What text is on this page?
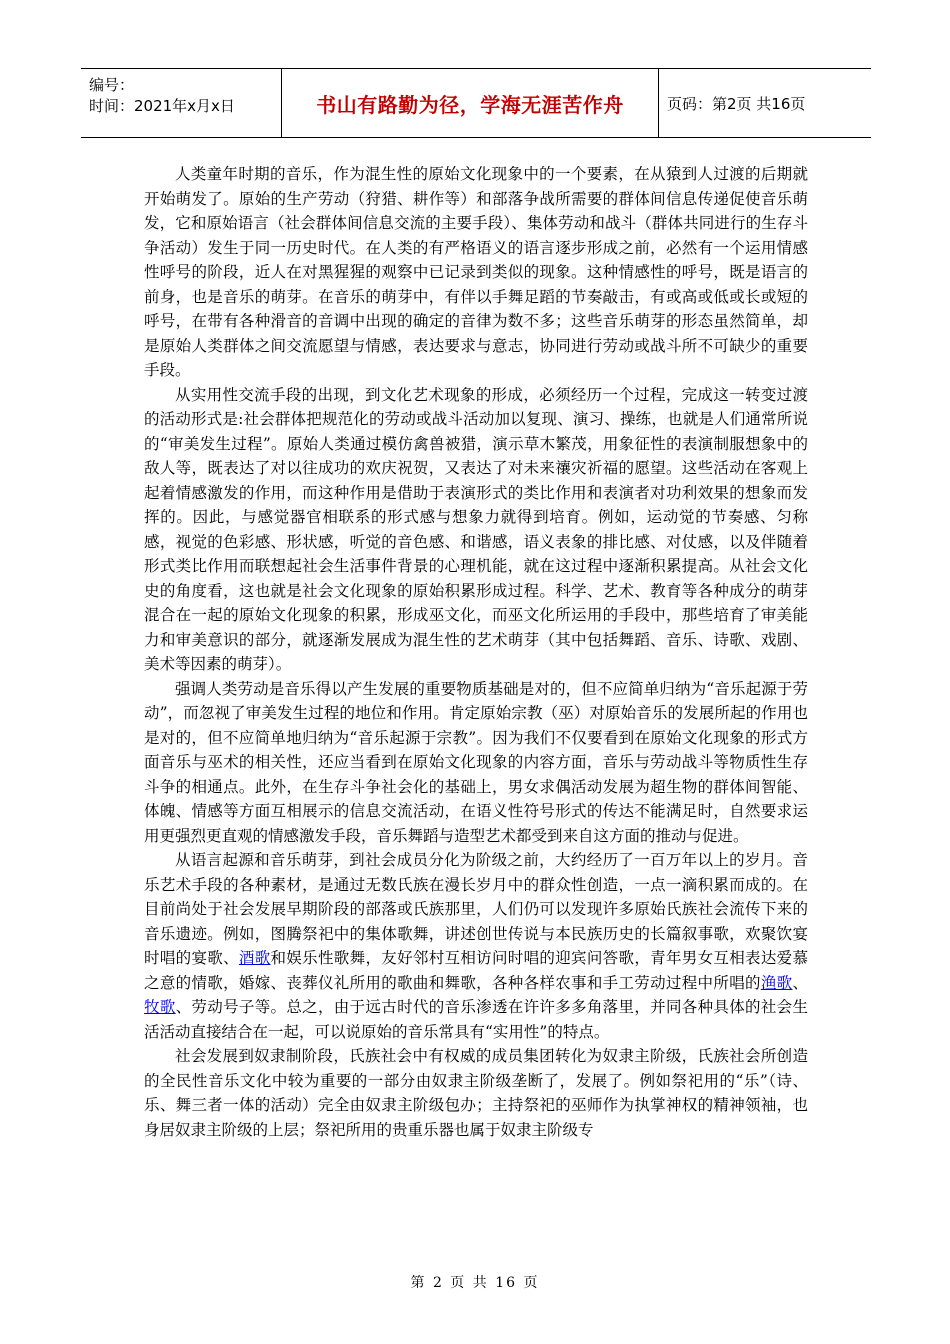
编号：
时间：2021年x月x日	书山有路勤为径，学海无涯苦作舟	页码：第2页 共16页

人类童年时期的音乐，作为混生性的原始文化现象中的一个要素，在从猿到人过渡的后期就开始萌发了。原始的生产劳动（狩猎、耕作等）和部落争战所需要的群体间信息传递促使音乐萌发，它和原始语言（社会群体间信息交流的主要手段）、集体劳动和战斗（群体共同进行的生存斗争活动）发生于同一历史时代。在人类的有严格语义的语言逐步形成之前，必然有一个运用情感性呼号的阶段，近人在对黑猩猩的观察中已记录到类似的现象。这种情感性的呼号，既是语言的前身，也是音乐的萌芽。在音乐的萌芽中，有伴以手舞足蹈的节奏敲击，有或高或低或长或短的呼号，在带有各种滑音的音调中出现的确定的音律为数不多；这些音乐萌芽的形态虽然简单，却是原始人类群体之间交流愿望与情感，表达要求与意志，协同进行劳动或战斗所不可缺少的重要手段。

从实用性交流手段的出现，到文化艺术现象的形成，必须经历一个过程，完成这一转变过渡的活动形式是:社会群体把规范化的劳动或战斗活动加以复现、演习、操练，也就是人们通常所说的“审美发生过程”。原始人类通过模仿禽兽被猎，演示草木繁茂，用象征性的表演制服想象中的敌人等，既表达了对以往成功的欢庆祝贺，又表达了对未来禳灾祈福的愿望。这些活动在客观上起着情感激发的作用，而这种作用是借助于表演形式的类比作用和表演者对功利效果的想象而发挥的。因此，与感觉器官相联系的形式感与想象力就得到培育。例如，运动觉的节奏感、匀称感，视觉的色彩感、形状感，听觉的音色感、和谐感，语义表象的排比感、对仗感，以及伴随着形式类比作用而联想起社会生活事件背景的心理机能，就在这过程中逐渐积累提高。从社会文化史的角度看，这也就是社会文化现象的原始积累形成过程。科学、艺术、教育等各种成分的萌芽混合在一起的原始文化现象的积累，形成巫文化，而巫文化所运用的手段中，那些培育了审美能力和审美意识的部分，就逐渐发展成为混生性的艺术萌芽（其中包括舞蹈、音乐、诗歌、戏剧、美术等因素的萌芽）。

强调人类劳动是音乐得以产生发展的重要物质基础是对的，但不应简单归纳为“音乐起源于劳动”，而忽视了审美发生过程的地位和作用。肯定原始宗教（巫）对原始音乐的发展所起的作用也是对的，但不应简单地归纳为“音乐起源于宗教”。因为我们不仅要看到在原始文化现象的形式方面音乐与巫术的相关性，还应当看到在原始文化现象的内容方面，音乐与劳动战斗等物质性生存斗争的相通点。此外，在生存斗争社会化的基础上，男女求偶活动发展为超生物的群体间智能、体魄、情感等方面互相展示的信息交流活动，在语义性符号形式的传达不能满足时，自然要求运用更强烈更直观的情感激发手段，音乐舞蹈与造型艺术都受到来自这方面的推动与促进。

从语言起源和音乐萌芽，到社会成员分化为阶级之前，大约经历了一百万年以上的岁月。音乐艺术手段的各种素材，是通过无数氏族在漫长岁月中的群众性创造，一点一滴积累而成的。在目前尚处于社会发展早期阶段的部落或氏族那里，人们仍可以发现许多原始氏族社会流传下来的音乐遗迹。例如，图腾祭祀中的集体歌舞，讲述创世传说与本民族历史的长篇叙事歌，欢聚饮宴时唱的宴歌、酒歌和娱乐性歌舞，友好邻村互相访问时唱的迎宾问答歌，青年男女互相表达爱慕之意的情歌，婚嫁、丧葬仪礼所用的歌曲和舞歌，各种各样农事和手工劳动过程中所唱的渔歌、牧歌、劳动号子等。总之，由于远古时代的音乐渗透在许许多多角落里，并同各种具体的社会生活活动直接结合在一起，可以说原始的音乐常具有“实用性”的特点。

社会发展到奴隶制阶段，氏族社会中有权威的成员集团转化为奴隶主阶级，氏族社会所创造的全民性音乐文化中较为重要的一部分由奴隶主阶级垄断了，发展了。例如祭祀用的“乐”（诗、乐、舞三者一体的活动）完全由奴隶主阶级包办；主持祭祀的巫师作为执掌神权的精神领袖，也身居奴隶主阶级的上层；祭祀所用的贵重乐器也属于奴隶主阶级专

第 2 页 共 16 页
